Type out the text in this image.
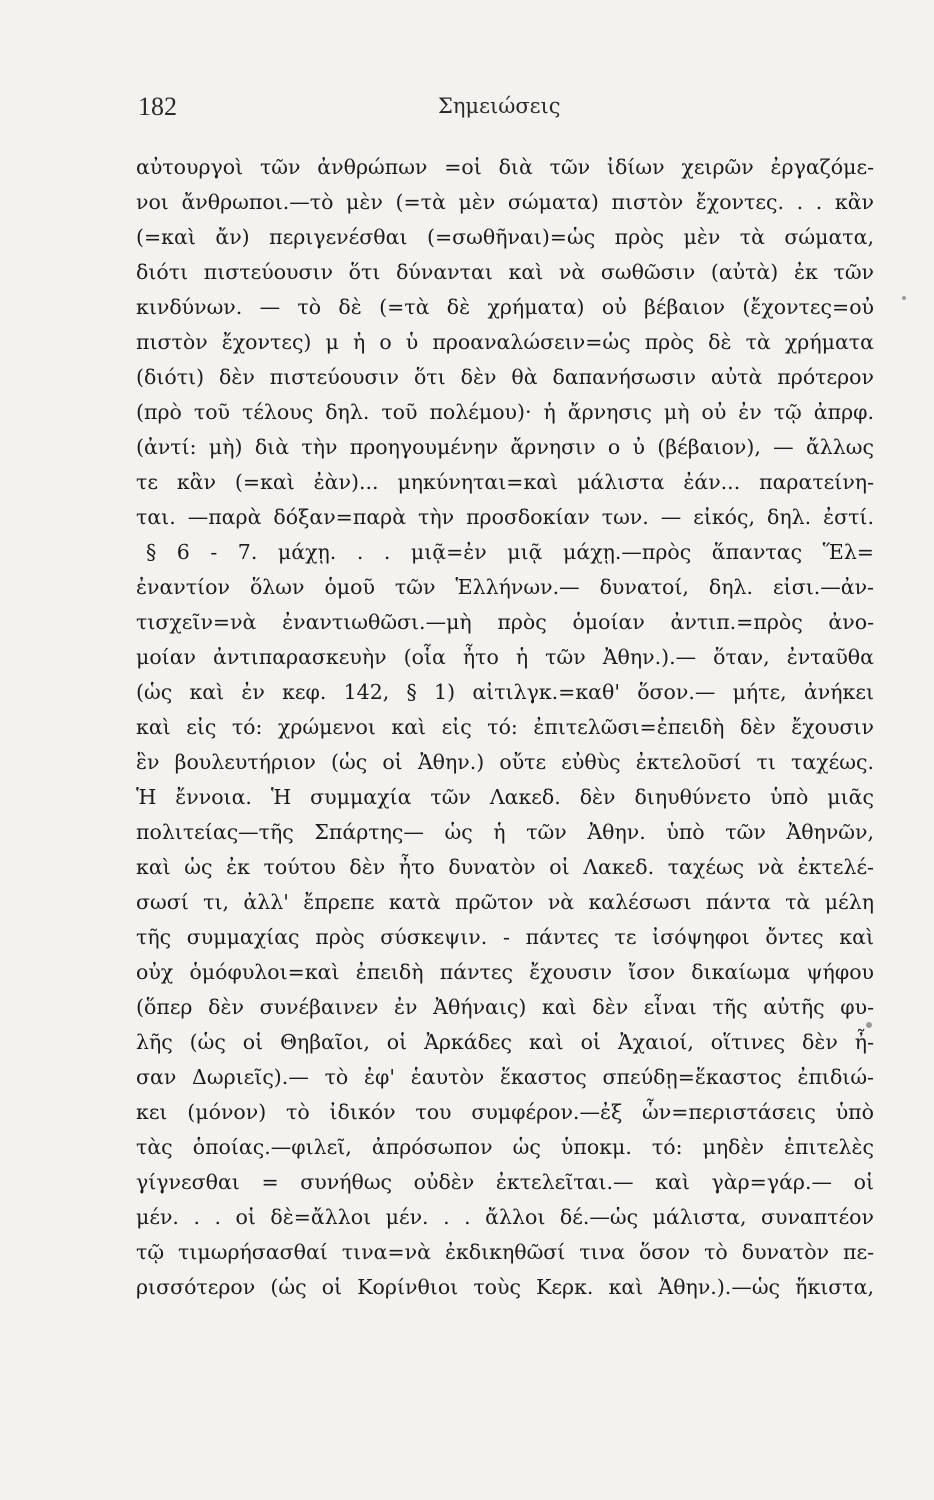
182	Σημειώσεις
αὐτουργοὶ τῶν ἀνθρώπων =οἱ διὰ τῶν ἰδίων χειρῶν ἐργαζόμε-
νοι ἄνθρωποι.—τὸ μὲν (=τὰ μὲν σώματα) πιστὸν ἔχοντες. . . κἂν
(=καὶ ἄν) περιγενέσθαι (=σωθῆναι)=ὡς πρὸς μὲν τὰ σώματα,
διότι πιστεύουσιν ὅτι δύνανται καὶ νὰ σωθῶσιν (αὐτὰ) ἐκ τῶν
κινδύνων. — τὸ δὲ (=τὰ δὲ χρήματα) οὐ βέβαιον (ἔχοντες=οὐ
πιστὸν ἔχοντες) μ ἡ ο ὑ προαναλώσειν=ὡς πρὸς δὲ τὰ χρήματα
(διότι) δὲν πιστεύουσιν ὅτι δὲν θὰ δαπανήσωσιν αὐτὰ πρότερον
(πρὸ τοῦ τέλους δηλ. τοῦ πολέμου)· ἡ ἄρνησις μὴ οὐ ἐν τῷ ἀπρφ.
(ἀντί: μὴ) διὰ τὴν προηγουμένην ἄρνησιν ο ὐ (βέβαιον), — ἄλλως
τε κἂν (=καὶ ἐὰν)... μηκύνηται=καὶ μάλιστα ἐάν... παρατείνη-
ται. —παρὰ δόξαν=παρὰ τὴν προσδοκίαν των. — εἰκός, δηλ. ἐστί.
§ 6 - 7. μάχῃ. . . μιᾷ=ἐν μιᾷ μάχῃ.—πρὸς ἅπαντας Ἕλ=
ἐναντίον ὅλων ὁμοῦ τῶν Ἑλλήνων.— δυνατοί, δηλ. εἰσι.—ἀν-
τισχεῖν=νὰ ἐναντιωθῶσι.—μὴ πρὸς ὁμοίαν ἀντιπ.=πρὸς ἀνο-
μοίαν ἀντιπαρασκευὴν (οἷα ἦτο ἡ τῶν Ἀθην.).— ὅταν, ἐνταῦθα
(ὡς καὶ ἐν κεφ. 142, § 1) αἰτιλγκ.=καθ' ὅσον.— μήτε, ἀνήκει
καὶ εἰς τό: χρώμενοι καὶ εἰς τό: ἐπιτελῶσι=ἐπειδὴ δὲν ἔχουσιν
ἓν βουλευτήριον (ὡς οἱ Ἀθην.) οὔτε εὐθὺς ἐκτελοῦσί τι ταχέως.
Ἡ ἔννοια. Ἡ συμμαχία τῶν Λακεδ. δὲν διηυθύνετο ὑπὸ μιᾶς
πολιτείας—τῆς Σπάρτης— ὡς ἡ τῶν Ἀθην. ὑπὸ τῶν Ἀθηνῶν,
καὶ ὡς ἐκ τούτου δὲν ἦτο δυνατὸν οἱ Λακεδ. ταχέως νὰ ἐκτελέ-
σωσί τι, ἀλλ' ἔπρεπε κατὰ πρῶτον νὰ καλέσωσι πάντα τὰ μέλη
τῆς συμμαχίας πρὸς σύσκεψιν. - πάντες τε ἰσόψηφοι ὄντες καὶ
οὐχ ὁμόφυλοι=καὶ ἐπειδὴ πάντες ἔχουσιν ἴσον δικαίωμα ψήφου
(ὅπερ δὲν συνέβαινεν ἐν Ἀθήναις) καὶ δὲν εἶναι τῆς αὐτῆς φυ-
λῆς (ὡς οἱ Θηβαῖοι, οἱ Ἀρκάδες καὶ οἱ Ἀχαιοί, οἵτινες δὲν ἦ-
σαν Δωριεῖς).— τὸ ἐφ' ἑαυτὸν ἕκαστος σπεύδῃ=ἕκαστος ἐπιδιώ-
κει (μόνον) τὸ ἰδικόν του συμφέρον.—ἐξ ὧν=περιστάσεις ὑπὸ
τὰς ὁποίας.—φιλεῖ, ἀπρόσωπον ὡς ὑποκμ. τό: μηδὲν ἐπιτελὲς
γίγνεσθαι = συνήθως οὐδὲν ἐκτελεῖται.— καὶ γὰρ=γάρ.— οἱ
μέν. . . οἱ δὲ=ἄλλοι μέν. . . ἄλλοι δέ.—ὡς μάλιστα, συναπτέον
τῷ τιμωρήσασθαί τινα=νὰ ἐκδικηθῶσί τινα ὅσον τὸ δυνατὸν πε-
ρισσότερον (ὡς οἱ Κορίνθιοι τοὺς Κερκ. καὶ Ἀθην.).—ὡς ἥκιστα,
